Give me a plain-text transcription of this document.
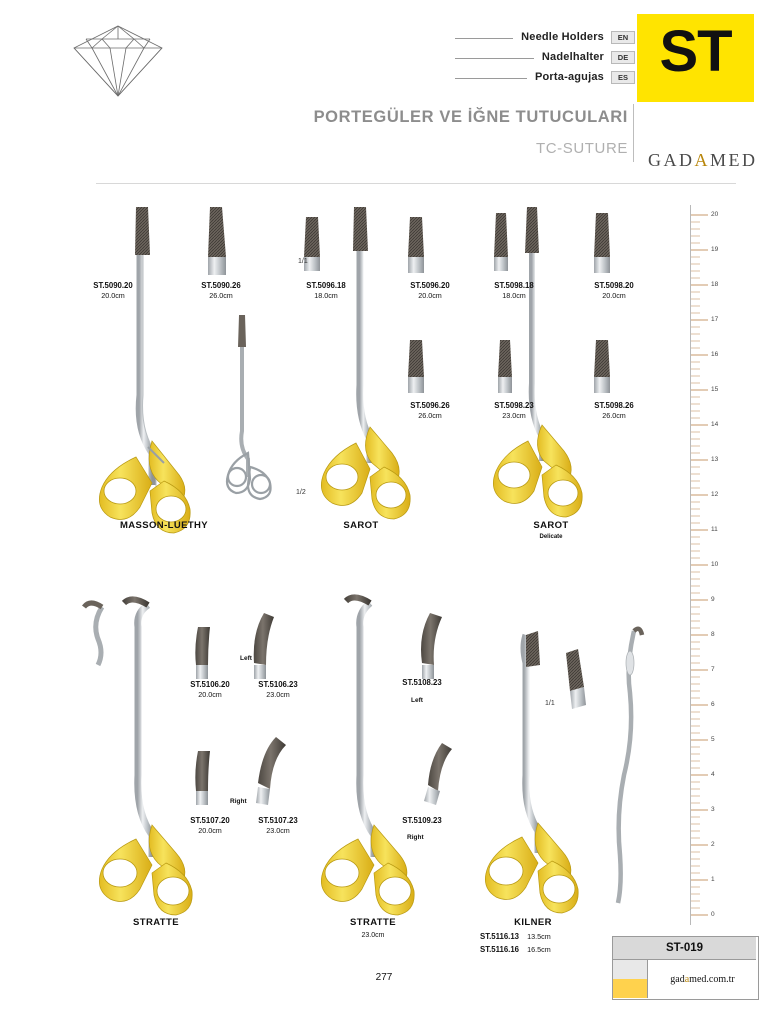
Needle Holders	EN
Nadelhalter	DE
Porta-agujas	ES ST
PORTEGÜLER VE İĞNE TUTUCULARI
TC-SUTURE
GADAMED
20
19
18
17
16
15
14
13
12
11
10
9
8
7
6
5
4
3
2
1
0
ST.5090.20
20.0cm
ST.5090.26
26.0cm
1/1
1/2
ST.5096.18
18.0cm
ST.5096.20
20.0cm
ST.5096.26
26.0cm
ST.5098.18
18.0cm
ST.5098.20
20.0cm
ST.5098.23
23.0cm
ST.5098.26
26.0cm
MASSON-LUETHY	SAROT	SAROT
Delicate
Left
ST.5106.20
20.0cm
ST.5106.23
23.0cm
Right
ST.5107.20
20.0cm
ST.5107.23
23.0cm
ST.5108.23
Left
ST.5109.23
Right
1/1
STRATTE	STRATTE
23.0cm
KILNER
ST.5116.13 13.5cm
ST.5116.16 16.5cm
277
ST-019
gad a med.com.tr
